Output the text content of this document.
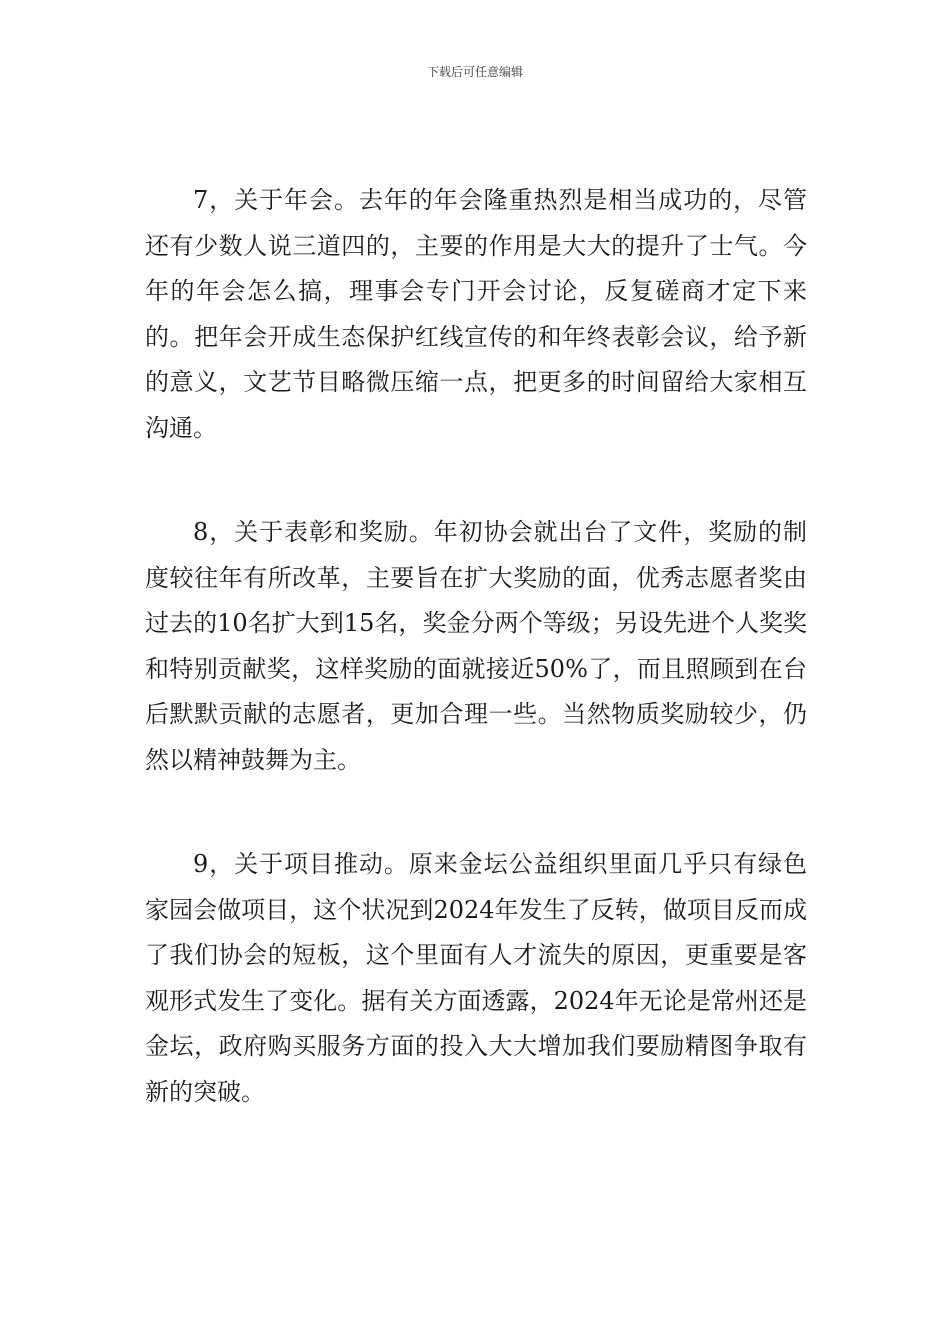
下载后可任意编辑

7，关于年会。去年的年会隆重热烈是相当成功的，尽管还有少数人说三道四的，主要的作用是大大的提升了士气。今年的年会怎么搞，理事会专门开会讨论，反复磋商才定下来的。把年会开成生态保护红线宣传的和年终表彰会议，给予新的意义，文艺节目略微压缩一点，把更多的时间留给大家相互沟通。

8，关于表彰和奖励。年初协会就出台了文件，奖励的制度较往年有所改革，主要旨在扩大奖励的面，优秀志愿者奖由过去的10名扩大到15名，奖金分两个等级；另设先进个人奖奖和特别贡献奖，这样奖励的面就接近50%了，而且照顾到在台后默默贡献的志愿者，更加合理一些。当然物质奖励较少，仍然以精神鼓舞为主。

9，关于项目推动。原来金坛公益组织里面几乎只有绿色家园会做项目，这个状况到2024年发生了反转，做项目反而成了我们协会的短板，这个里面有人才流失的原因，更重要是客观形式发生了变化。据有关方面透露，2024年无论是常州还是金坛，政府购买服务方面的投入大大增加我们要励精图争取有新的突破。
